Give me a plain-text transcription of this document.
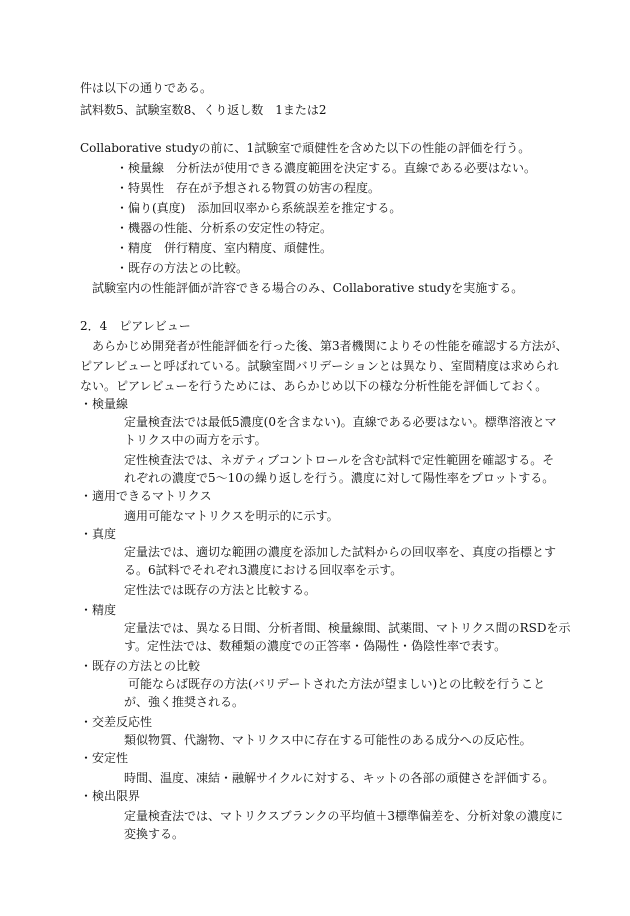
件は以下の通りである。
試料数5、試験室数8、くり返し数　1または2
Collaborative studyの前に、1試験室で頑健性を含めた以下の性能の評価を行う。
・検量線　分析法が使用できる濃度範囲を決定する。直線である必要はない。
・特異性　存在が予想される物質の妨害の程度。
・偏り(真度)　添加回収率から系統誤差を推定する。
・機器の性能、分析系の安定性の特定。
・精度　併行精度、室内精度、頑健性。
・既存の方法との比較。
試験室内の性能評価が許容できる場合のみ、Collaborative studyを実施する。
2．4　ピアレビュー
あらかじめ開発者が性能評価を行った後、第3者機関によりその性能を確認する方法が、
ピアレビューと呼ばれている。試験室間バリデーションとは異なり、室間精度は求められ
ない。ピアレビューを行うためには、あらかじめ以下の様な分析性能を評価しておく。
・検量線
定量検査法では最低5濃度(0を含まない)。直線である必要はない。標準溶液とマ
トリクス中の両方を示す。
定性検査法では、ネガティブコントロールを含む試料で定性範囲を確認する。そ
れぞれの濃度で5〜10の繰り返しを行う。濃度に対して陽性率をプロットする。
・適用できるマトリクス
適用可能なマトリクスを明示的に示す。
・真度
定量法では、適切な範囲の濃度を添加した試料からの回収率を、真度の指標とす
る。6試料でそれぞれ3濃度における回収率を示す。
定性法では既存の方法と比較する。
・精度
定量法では、異なる日間、分析者間、検量線間、試薬間、マトリクス間のRSDを示
す。定性法では、数種類の濃度での正答率・偽陽性・偽陰性率で表す。
・既存の方法との比較
可能ならば既存の方法(バリデートされた方法が望ましい)との比較を行うこと
が、強く推奨される。
・交差反応性
類似物質、代謝物、マトリクス中に存在する可能性のある成分への反応性。
・安定性
時間、温度、凍結・融解サイクルに対する、キットの各部の頑健さを評価する。
・検出限界
定量検査法では、マトリクスブランクの平均値＋3標準偏差を、分析対象の濃度に
変換する。
